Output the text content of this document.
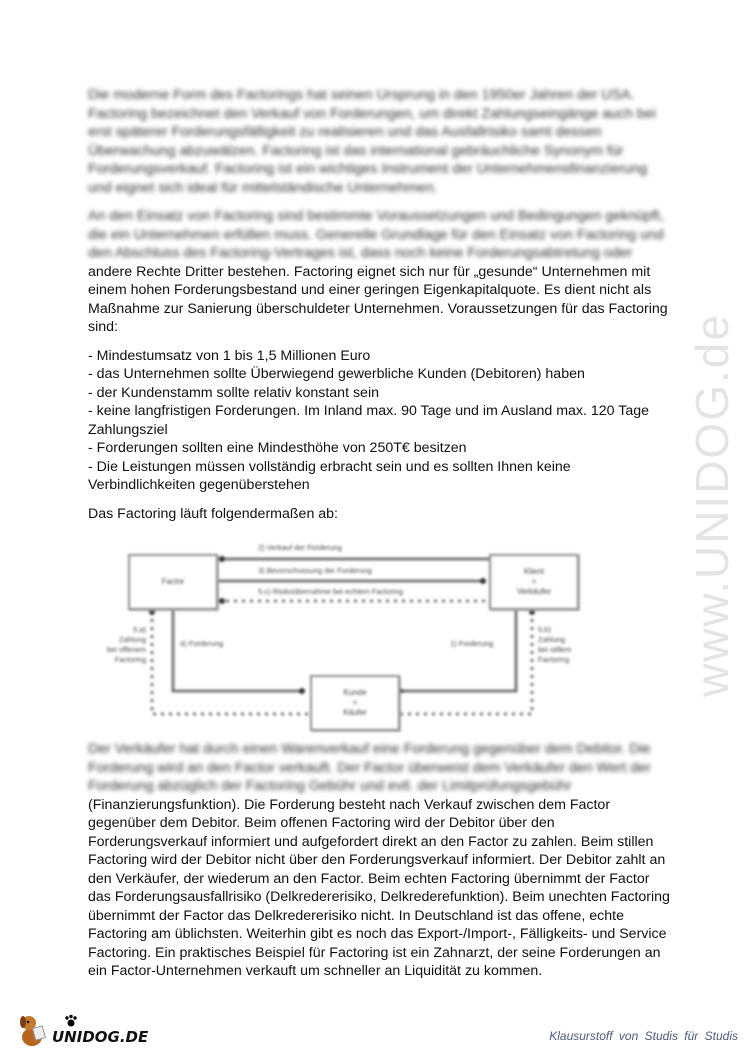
www.UNIDOG.de
Die moderne Form des Factorings hat seinen Ursprung in den 1950er Jahren der USA. Factoring bezeichnet den Verkauf von Forderungen, um direkt Zahlungseingänge auch bei erst späterer Forderungsfälligkeit zu realisieren und das Ausfallrisiko samt dessen Überwachung abzuwälzen. Factoring ist das international gebräuchliche Synonym für Forderungsverkauf. Factoring ist ein wichtiges Instrument der Unternehmensfinanzierung und eignet sich ideal für mittelständische Unternehmen.
An den Einsatz von Factoring sind bestimmte Voraussetzungen und Bedingungen geknüpft, die ein Unternehmen erfüllen muss. Generelle Grundlage für den Einsatz von Factoring und den Abschluss des Factoring-Vertrages ist, dass noch keine Forderungsabtretung oder
andere Rechte Dritter bestehen. Factoring eignet sich nur für „gesunde“ Unternehmen mit einem hohen Forderungsbestand und einer geringen Eigenkapitalquote. Es dient nicht als Maßnahme zur Sanierung überschuldeter Unternehmen. Voraussetzungen für das Factoring sind:
- Mindestumsatz von 1 bis 1,5 Millionen Euro
- das Unternehmen sollte Überwiegend gewerbliche Kunden (Debitoren) haben
- der Kundenstamm sollte relativ konstant sein
- keine langfristigen Forderungen. Im Inland max. 90 Tage und im Ausland max. 120 Tage
Zahlungsziel
- Forderungen sollten eine Mindesthöhe von 250T€ besitzen
- Die Leistungen müssen vollständig erbracht sein und es sollten Ihnen keine
Verbindlichkeiten gegenüberstehen
Das Factoring läuft folgendermaßen ab:
Factor
Klient
=
Verkäufer
Kunde
=
Käufer
2) Verkauf der Forderung
3) Bevorschussung der Forderung
5.c) Risikoübernahme bei echtem Factoring
4) Forderung	1) Forderung
5.a)
Zahlung
bei offenem
Factoring
5.b)
Zahlung
bei stillem
Factoring
Der Verkäufer hat durch einen Warenverkauf eine Forderung gegenüber dem Debitor. Die Forderung wird an den Factor verkauft. Der Factor überweist dem Verkäufer den Wert der Forderung abzüglich der Factoring Gebühr und evtl. der Limitprüfungsgebühr
(Finanzierungsfunktion). Die Forderung besteht nach Verkauf zwischen dem Factor gegenüber dem Debitor. Beim offenen Factoring wird der Debitor über den Forderungsverkauf informiert und aufgefordert direkt an den Factor zu zahlen. Beim stillen Factoring wird der Debitor nicht über den Forderungsverkauf informiert. Der Debitor zahlt an den Verkäufer, der wiederum an den Factor. Beim echten Factoring übernimmt der Factor das Forderungsausfallrisiko (Delkredererisiko, Delkrederefunktion). Beim unechten Factoring übernimmt der Factor das Delkredererisiko nicht. In Deutschland ist das offene, echte Factoring am üblichsten. Weiterhin gibt es noch das Export-/Import-, Fälligkeits- und Service Factoring. Ein praktisches Beispiel für Factoring ist ein Zahnarzt, der seine Forderungen an ein Factor-Unternehmen verkauft um schneller an Liquidität zu kommen.
UNIDOG.DE	Klausurstoff von Studis für Studis
